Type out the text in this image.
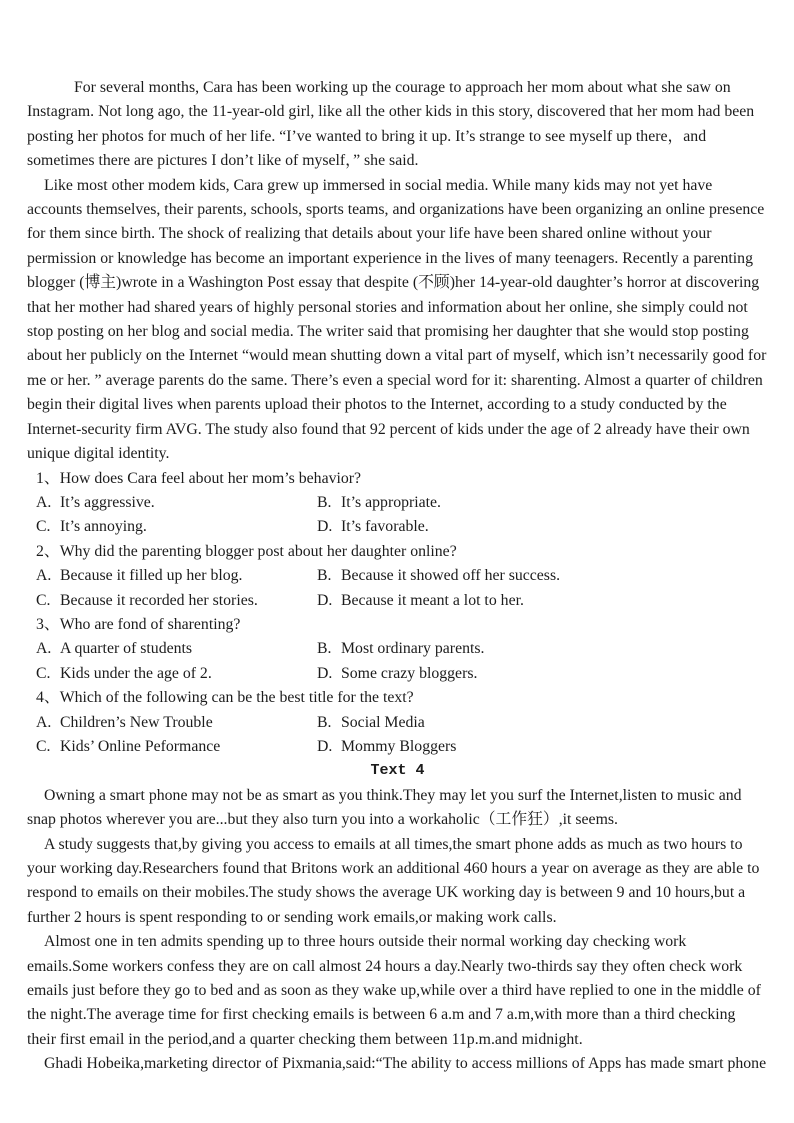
For several months, Cara has been working up the courage to approach her mom about what she saw on Instagram. Not long ago, the 11-year-old girl, like all the other kids in this story, discovered that her mom had been posting her photos for much of her life. “I’ve wanted to bring it up. It’s strange to see myself up there，and sometimes there are pictures I don’t like of myself，” she said.

Like most other modem kids, Cara grew up immersed in social media. While many kids may not yet have accounts themselves, their parents, schools, sports teams, and organizations have been organizing an online presence for them since birth. The shock of realizing that details about your life have been shared online without your permission or knowledge has become an important experience in the lives of many teenagers. Recently a parenting blogger (博主)wrote in a Washington Post essay that despite (不顾)her 14-year-old daughter’s horror at discovering that her mother had shared years of highly personal stories and information about her online, she simply could not stop posting on her blog and social media. The writer said that promising her daughter that she would stop posting about her publicly on the Internet “would mean shutting down a vital part of myself, which isn’t necessarily good for me or her. ” average parents do the same. There’s even a special word for it: sharenting. Almost a quarter of children begin their digital lives when parents upload their photos to the Internet, according to a study conducted by the Internet-security firm AVG. The study also found that 92 percent of kids under the age of 2 already have their own unique digital identity.

1、How does Cara feel about her mom’s behavior?

A. It’s aggressive.	B. It’s appropriate.
C. It’s annoying.	D. It’s favorable.

2、Why did the parenting blogger post about her daughter online?

A. Because it filled up her blog.	B. Because it showed off her success.
C. Because it recorded her stories.	D. Because it meant a lot to her.

3、Who are fond of sharenting?

A. A quarter of students	B. Most ordinary parents.
C. Kids under the age of 2.	D. Some crazy bloggers.

4、Which of the following can be the best title for the text?

A. Children’s New Trouble	B. Social Media
C. Kids’ Online Peformance	D. Mommy Bloggers
Text 4

Owning a smart phone may not be as smart as you think.They may let you surf the Internet,listen to music and snap photos wherever you are...but they also turn you into a workaholic（工作狂）,it seems.

A study suggests that,by giving you access to emails at all times,the smart phone adds as much as two hours to your working day.Researchers found that Britons work an additional 460 hours a year on average as they are able to respond to emails on their mobiles.The study shows the average UK working day is between 9 and 10 hours,but a further 2 hours is spent responding to or sending work emails,or making work calls.

Almost one in ten admits spending up to three hours outside their normal working day checking work emails.Some workers confess they are on call almost 24 hours a day.Nearly two-thirds say they often check work emails just before they go to bed and as soon as they wake up,while over a third have replied to one in the middle of the night.The average time for first checking emails is between 6 a.m and 7 a.m,with more than a third checking their first email in the period,and a quarter checking them between 11p.m.and midnight.

Ghadi Hobeika,marketing director of Pixmania,said:“The ability to access millions of Apps has made smart phone
